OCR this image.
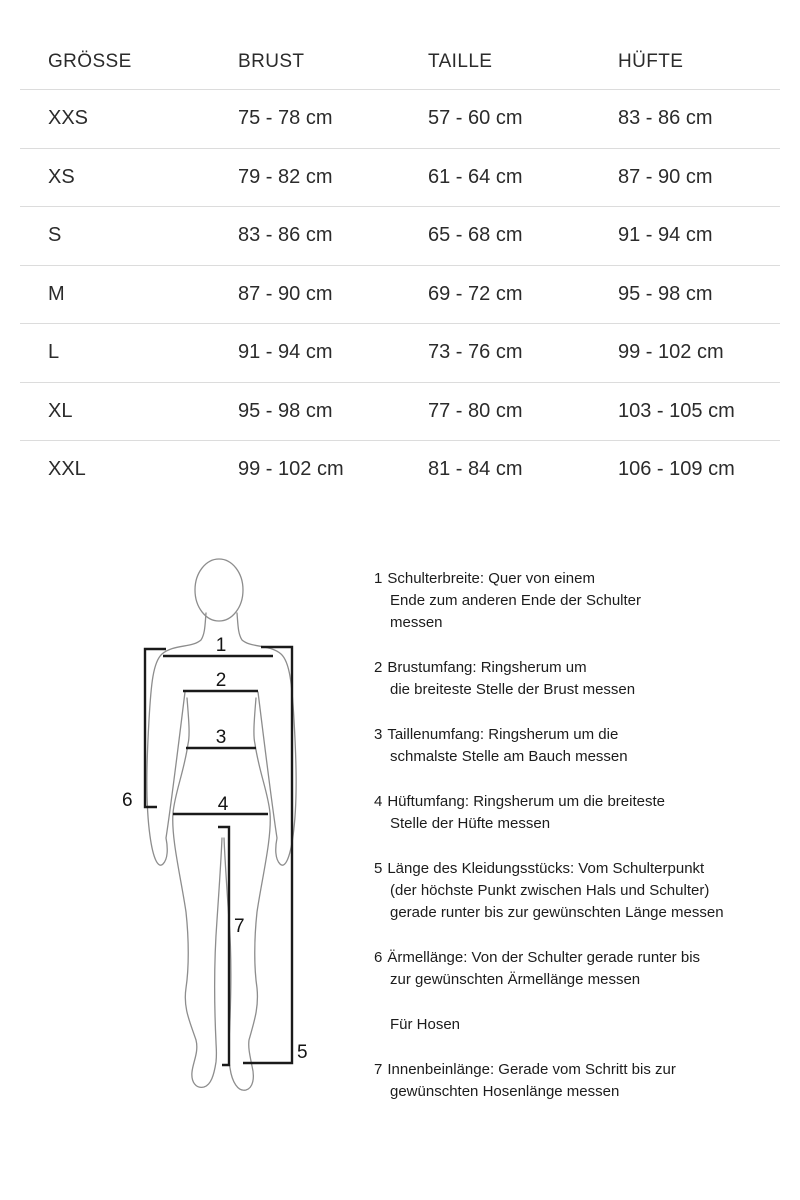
GRÖSSE	BRUST	TAILLE	HÜFTE
XXS	75 - 78 cm	57 - 60 cm	83 - 86 cm
XS	79 - 82 cm	61 - 64 cm	87 - 90 cm
S	83 - 86 cm	65 - 68 cm	91 - 94 cm
M	87 - 90 cm	69 - 72 cm	95 - 98 cm
L	91 - 94 cm	73 - 76 cm	99 - 102 cm
XL	95 - 98 cm	77 - 80 cm	103 - 105 cm
XXL	99 - 102 cm	81 - 84 cm	106 - 109 cm
1
2
3
4
5
6
7
1 Schulterbreite: Quer von einem
Ende zum anderen Ende der Schulter
messen
2 Brustumfang: Ringsherum um
die breiteste Stelle der Brust messen
3 Taillenumfang: Ringsherum um die
schmalste Stelle am Bauch messen
4 Hüftumfang: Ringsherum um die breiteste
Stelle der Hüfte messen
5 Länge des Kleidungsstücks: Vom Schulterpunkt
(der höchste Punkt zwischen Hals und Schulter)
gerade runter bis zur gewünschten Länge messen
6 Ärmellänge: Von der Schulter gerade runter bis
zur gewünschten Ärmellänge messen
Für Hosen
7 Innenbeinlänge: Gerade vom Schritt bis zur
gewünschten Hosenlänge messen
